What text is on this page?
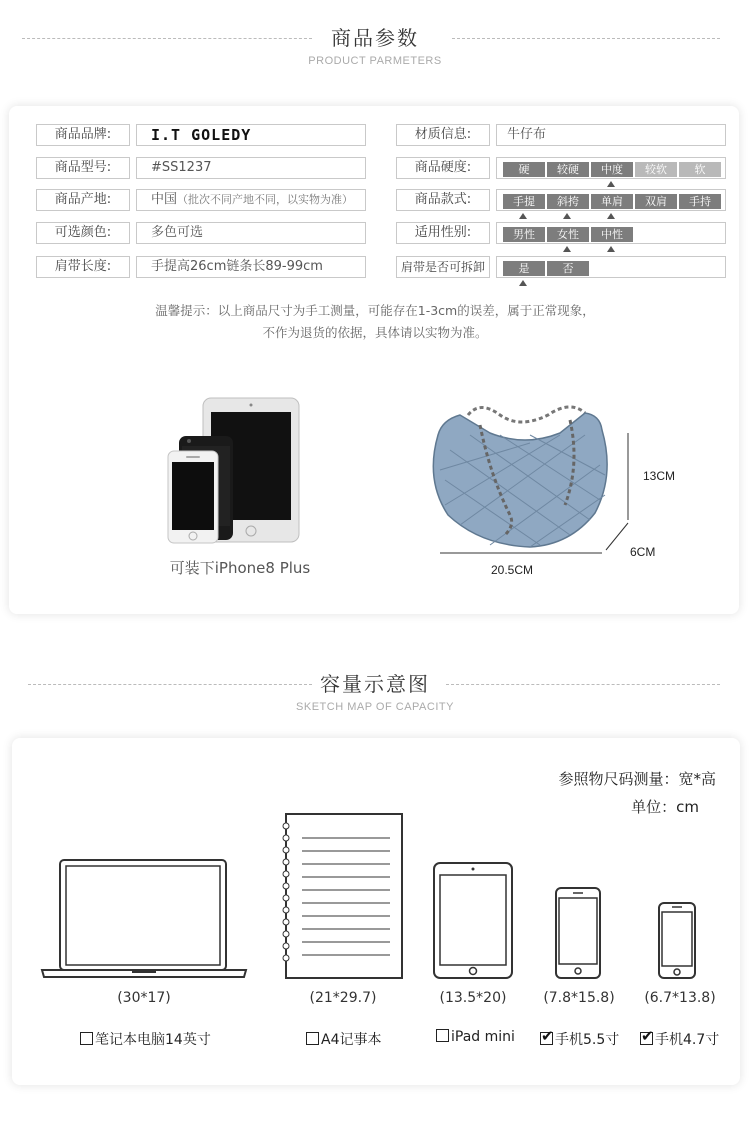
商品参数
PRODUCT PARMETERS
商品品牌:	I.T GOLEDY
商品型号:	#SS1237
商品产地:	中国（批次不同产地不同，以实物为准）
可选颜色:	多色可选
肩带长度:	手提高26cm链条长89-99cm
材质信息:	牛仔布
商品硬度:	硬	较硬	中度	较软	软
商品款式:	手提	斜挎	单肩	双肩	手持
适用性别:	男性	女性	中性
肩带是否可拆卸	是	否
温馨提示：以上商品尺寸为手工测量，可能存在1-3cm的误差，属于正常现象，
不作为退货的依据，具体请以实物为准。
可装下iPhone8 Plus
13CM
6CM
20.5CM
容量示意图
SKETCH MAP OF CAPACITY
参照物尺码测量：宽*高
单位：cm
(30*17)	(21*29.7)	(13.5*20)	(7.8*15.8)	(6.7*13.8)
笔记本电脑14英寸	A4记事本	iPad mini ✔	手机5.5寸 ✔	手机4.7寸
